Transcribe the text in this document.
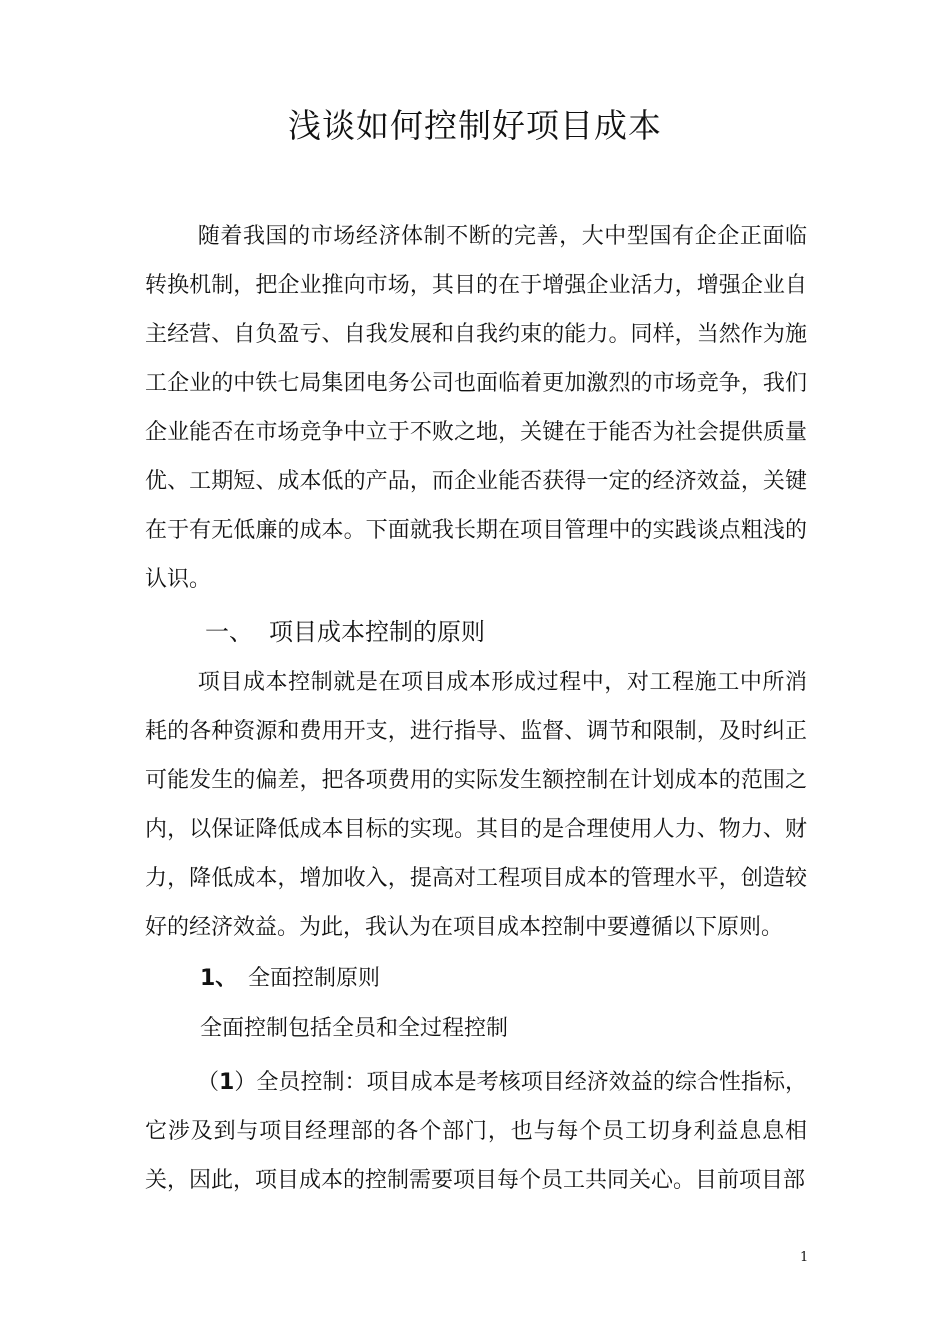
浅谈如何控制好项目成本
随着我国的市场经济体制不断的完善，大中型国有企企正面临转换机制，把企业推向市场，其目的在于增强企业活力，增强企业自主经营、自负盈亏、自我发展和自我约束的能力。同样，当然作为施工企业的中铁七局集团电务公司也面临着更加激烈的市场竞争，我们企业能否在市场竞争中立于不败之地，关键在于能否为社会提供质量优、工期短、成本低的产品，而企业能否获得一定的经济效益，关键在于有无低廉的成本。下面就我长期在项目管理中的实践谈点粗浅的认识。
一、 项目成本控制的原则
项目成本控制就是在项目成本形成过程中，对工程施工中所消耗的各种资源和费用开支，进行指导、监督、调节和限制，及时纠正可能发生的偏差，把各项费用的实际发生额控制在计划成本的范围之内，以保证降低成本目标的实现。其目的是合理使用人力、物力、财力，降低成本，增加收入，提高对工程项目成本的管理水平，创造较好的经济效益。为此，我认为在项目成本控制中要遵循以下原则。
1、 全面控制原则
全面控制包括全员和全过程控制
（1）全员控制：项目成本是考核项目经济效益的综合性指标，它涉及到与项目经理部的各个部门，也与每个员工切身利益息息相关，因此，项目成本的控制需要项目每个员工共同关心。目前项目部
1
